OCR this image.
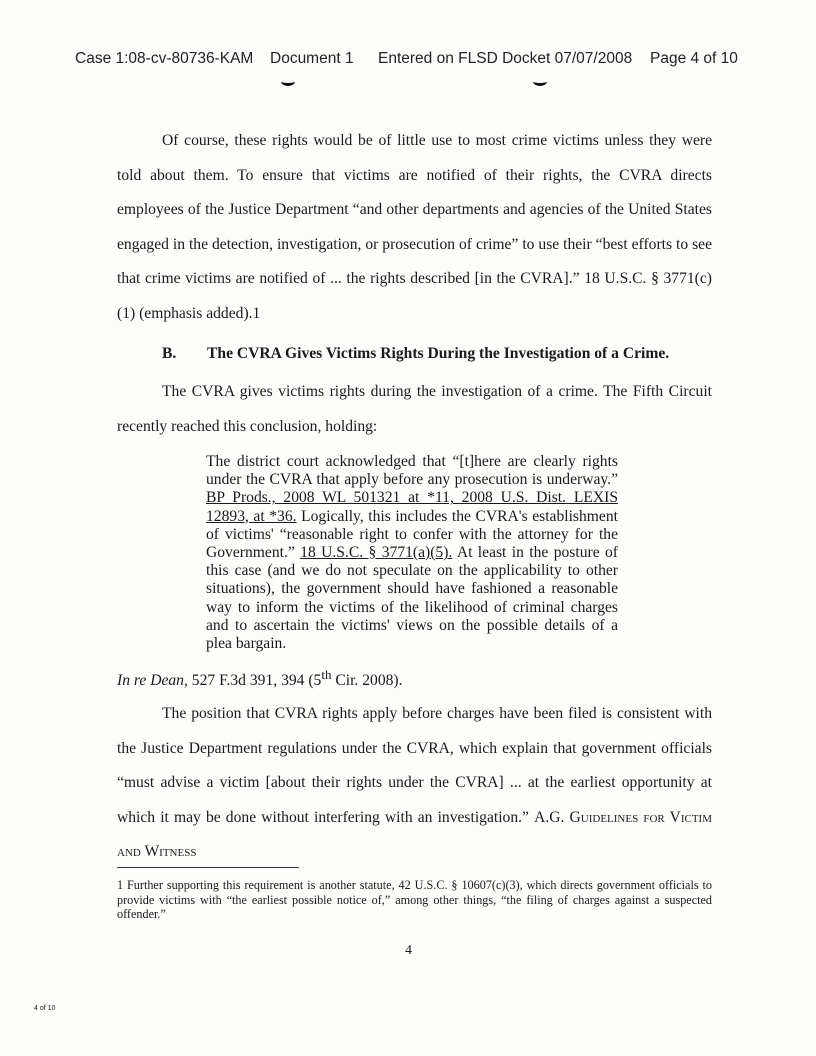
Case 1:08-cv-80736-KAM Document 1 Entered on FLSD Docket 07/07/2008 Page 4 of 10
Of course, these rights would be of little use to most crime victims unless they were told about them. To ensure that victims are notified of their rights, the CVRA directs employees of the Justice Department “and other departments and agencies of the United States engaged in the detection, investigation, or prosecution of crime” to use their “best efforts to see that crime victims are notified of ... the rights described [in the CVRA].” 18 U.S.C. § 3771(c)(1) (emphasis added).1
B. The CVRA Gives Victims Rights During the Investigation of a Crime.
The CVRA gives victims rights during the investigation of a crime. The Fifth Circuit recently reached this conclusion, holding:
The district court acknowledged that “[t]here are clearly rights under the CVRA that apply before any prosecution is underway.” BP Prods., 2008 WL 501321 at *11, 2008 U.S. Dist. LEXIS 12893, at *36. Logically, this includes the CVRA's establishment of victims' “reasonable right to confer with the attorney for the Government.” 18 U.S.C. § 3771(a)(5). At least in the posture of this case (and we do not speculate on the applicability to other situations), the government should have fashioned a reasonable way to inform the victims of the likelihood of criminal charges and to ascertain the victims' views on the possible details of a plea bargain.
In re Dean, 527 F.3d 391, 394 (5th Cir. 2008).
The position that CVRA rights apply before charges have been filed is consistent with the Justice Department regulations under the CVRA, which explain that government officials “must advise a victim [about their rights under the CVRA] ... at the earliest opportunity at which it may be done without interfering with an investigation.” A.G. Guidelines for Victim and Witness
1 Further supporting this requirement is another statute, 42 U.S.C. § 10607(c)(3), which directs government officials to provide victims with “the earliest possible notice of,” among other things, “the filing of charges against a suspected offender.”
4
4 of 10
